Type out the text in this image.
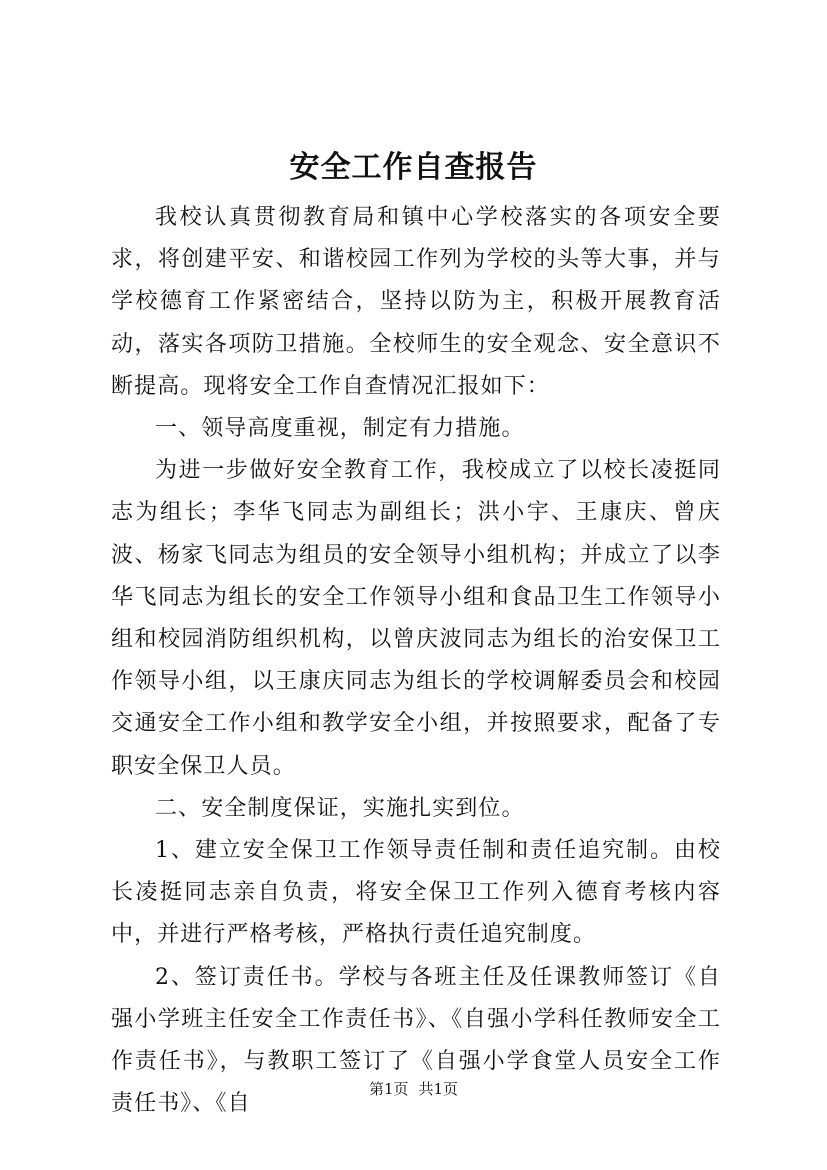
安全工作自查报告

我校认真贯彻教育局和镇中心学校落实的各项安全要求，将创建平安、和谐校园工作列为学校的头等大事，并与学校德育工作紧密结合，坚持以防为主，积极开展教育活动，落实各项防卫措施。全校师生的安全观念、安全意识不断提高。现将安全工作自查情况汇报如下：

一、领导高度重视，制定有力措施。

为进一步做好安全教育工作，我校成立了以校长凌挺同志为组长；李华飞同志为副组长；洪小宇、王康庆、曾庆波、杨家飞同志为组员的安全领导小组机构；并成立了以李华飞同志为组长的安全工作领导小组和食品卫生工作领导小组和校园消防组织机构，以曾庆波同志为组长的治安保卫工作领导小组，以王康庆同志为组长的学校调解委员会和校园交通安全工作小组和教学安全小组，并按照要求，配备了专职安全保卫人员。

二、安全制度保证，实施扎实到位。

1、建立安全保卫工作领导责任制和责任追究制。由校长凌挺同志亲自负责，将安全保卫工作列入德育考核内容中，并进行严格考核，严格执行责任追究制度。

2、签订责任书。学校与各班主任及任课教师签订《自强小学班主任安全工作责任书》、《自强小学科任教师安全工作责任书》，与教职工签订了《自强小学食堂人员安全工作责任书》、《自

第1页 共1页
